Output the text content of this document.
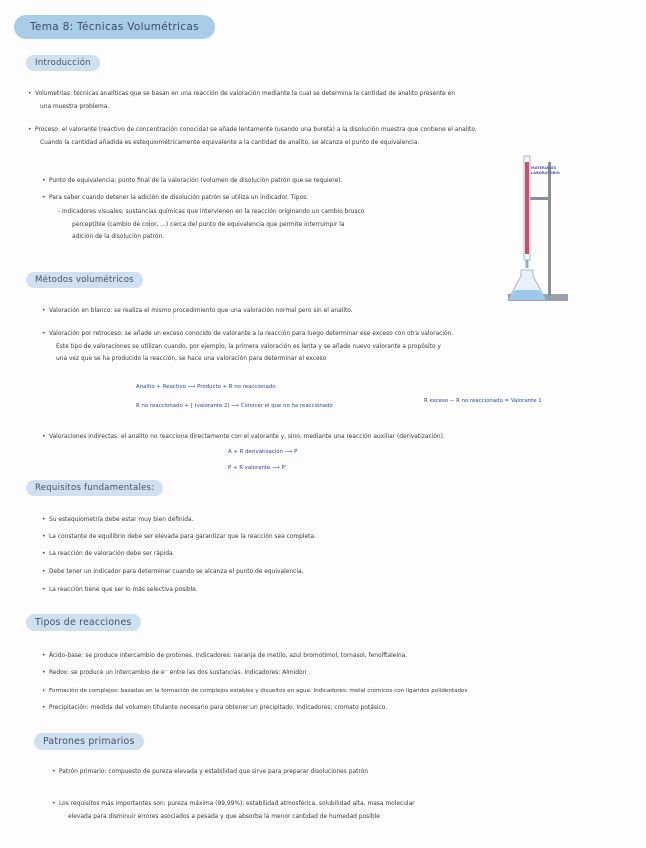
Tema 8: Técnicas Volumétricas
Introducción
• Volumetrías: técnicas analíticas que se basan en una reacción de valoración mediante la cual se determina la cantidad de analito presente en
una muestra problema.
• Proceso: el valorante (reactivo de concentración conocida) se añade lentamente (usando una bureta) a la disolución muestra que contiene el analito.
Cuando la cantidad añadida es estequiométricamente equivalente a la cantidad de analito, se alcanza el punto de equivalencia.
• Punto de equivalencia: punto final de la valoración (volumen de disolución patrón que se requiere).
• Para saber cuando detener la adición de disolución patrón se utiliza un indicador. Tipos:
- Indicadores visuales: sustancias químicas que intervienen en la reacción originando un cambio brusco
perceptible (cambio de color, ...) cerca del punto de equivalencia que permite interrumpir la
adición de la disolución patrón.
MATERIALES
LABORATORIO
Métodos volumétricos
• Valoración en blanco: se realiza el mismo procedimiento que una valoración normal pero sin el analito.
• Valoración por retroceso: se añade un exceso conocido de valorante a la reacción para luego determinar ese exceso con otra valoración.
Este tipo de valoraciones se utilizan cuando, por ejemplo, la primera valoración es lenta y se añade nuevo valorante a propósito y
una vez que se ha producido la reacción, se hace una valoración para determinar el exceso
Analito + Reactivo ⟶ Producto + R no reaccionado
R no reaccionado + [ (valorante 2) ⟶ Conocer el que no ha reaccionado
R exceso − R no reaccionado = Valorante 1
• Valoraciones indirectas: el analito no reacciona directamente con el valorante y, sino, mediante una reacción auxiliar (derivatización).
A + R derivatización ⟶ P
P + R valorante ⟶ P'
Requisitos fundamentales:
• Su estequiometría debe estar muy bien definida.
• La constante de equilibrio debe ser elevada para garantizar que la reacción sea completa.
• La reacción de valoración debe ser rápida.
• Debe tener un indicador para determinar cuando se alcanza el punto de equivalencia.
• La reacción tiene que ser lo más selectiva posible.
Tipos de reacciones
• Ácido-base: se produce intercambio de protones. Indicadores: naranja de metilo, azul bromotimol, tornasol, fenolftaleína.
• Redox: se produce un intercambio de e⁻ entre las dos sustancias. Indicadores: Almidón .
• Formación de complejos: basadas en la formación de complejos estables y disueltos en agua. Indicadores: metal crómicos con ligandos polidentados
• Precipitación: medida del volumen titulante necesario para obtener un precipitado. Indicadores: cromato potásico.
Patrones primarios
• Patrón primario: compuesto de pureza elevada y estabilidad que sirve para preparar disoluciones patrón
• Los requisitos más importantes son: pureza máxima (99,99%), estabilidad atmosférica, solubilidad alta, masa molecular
elevada para disminuir errores asociados a pesada y que absorba la menor cantidad de humedad posible
